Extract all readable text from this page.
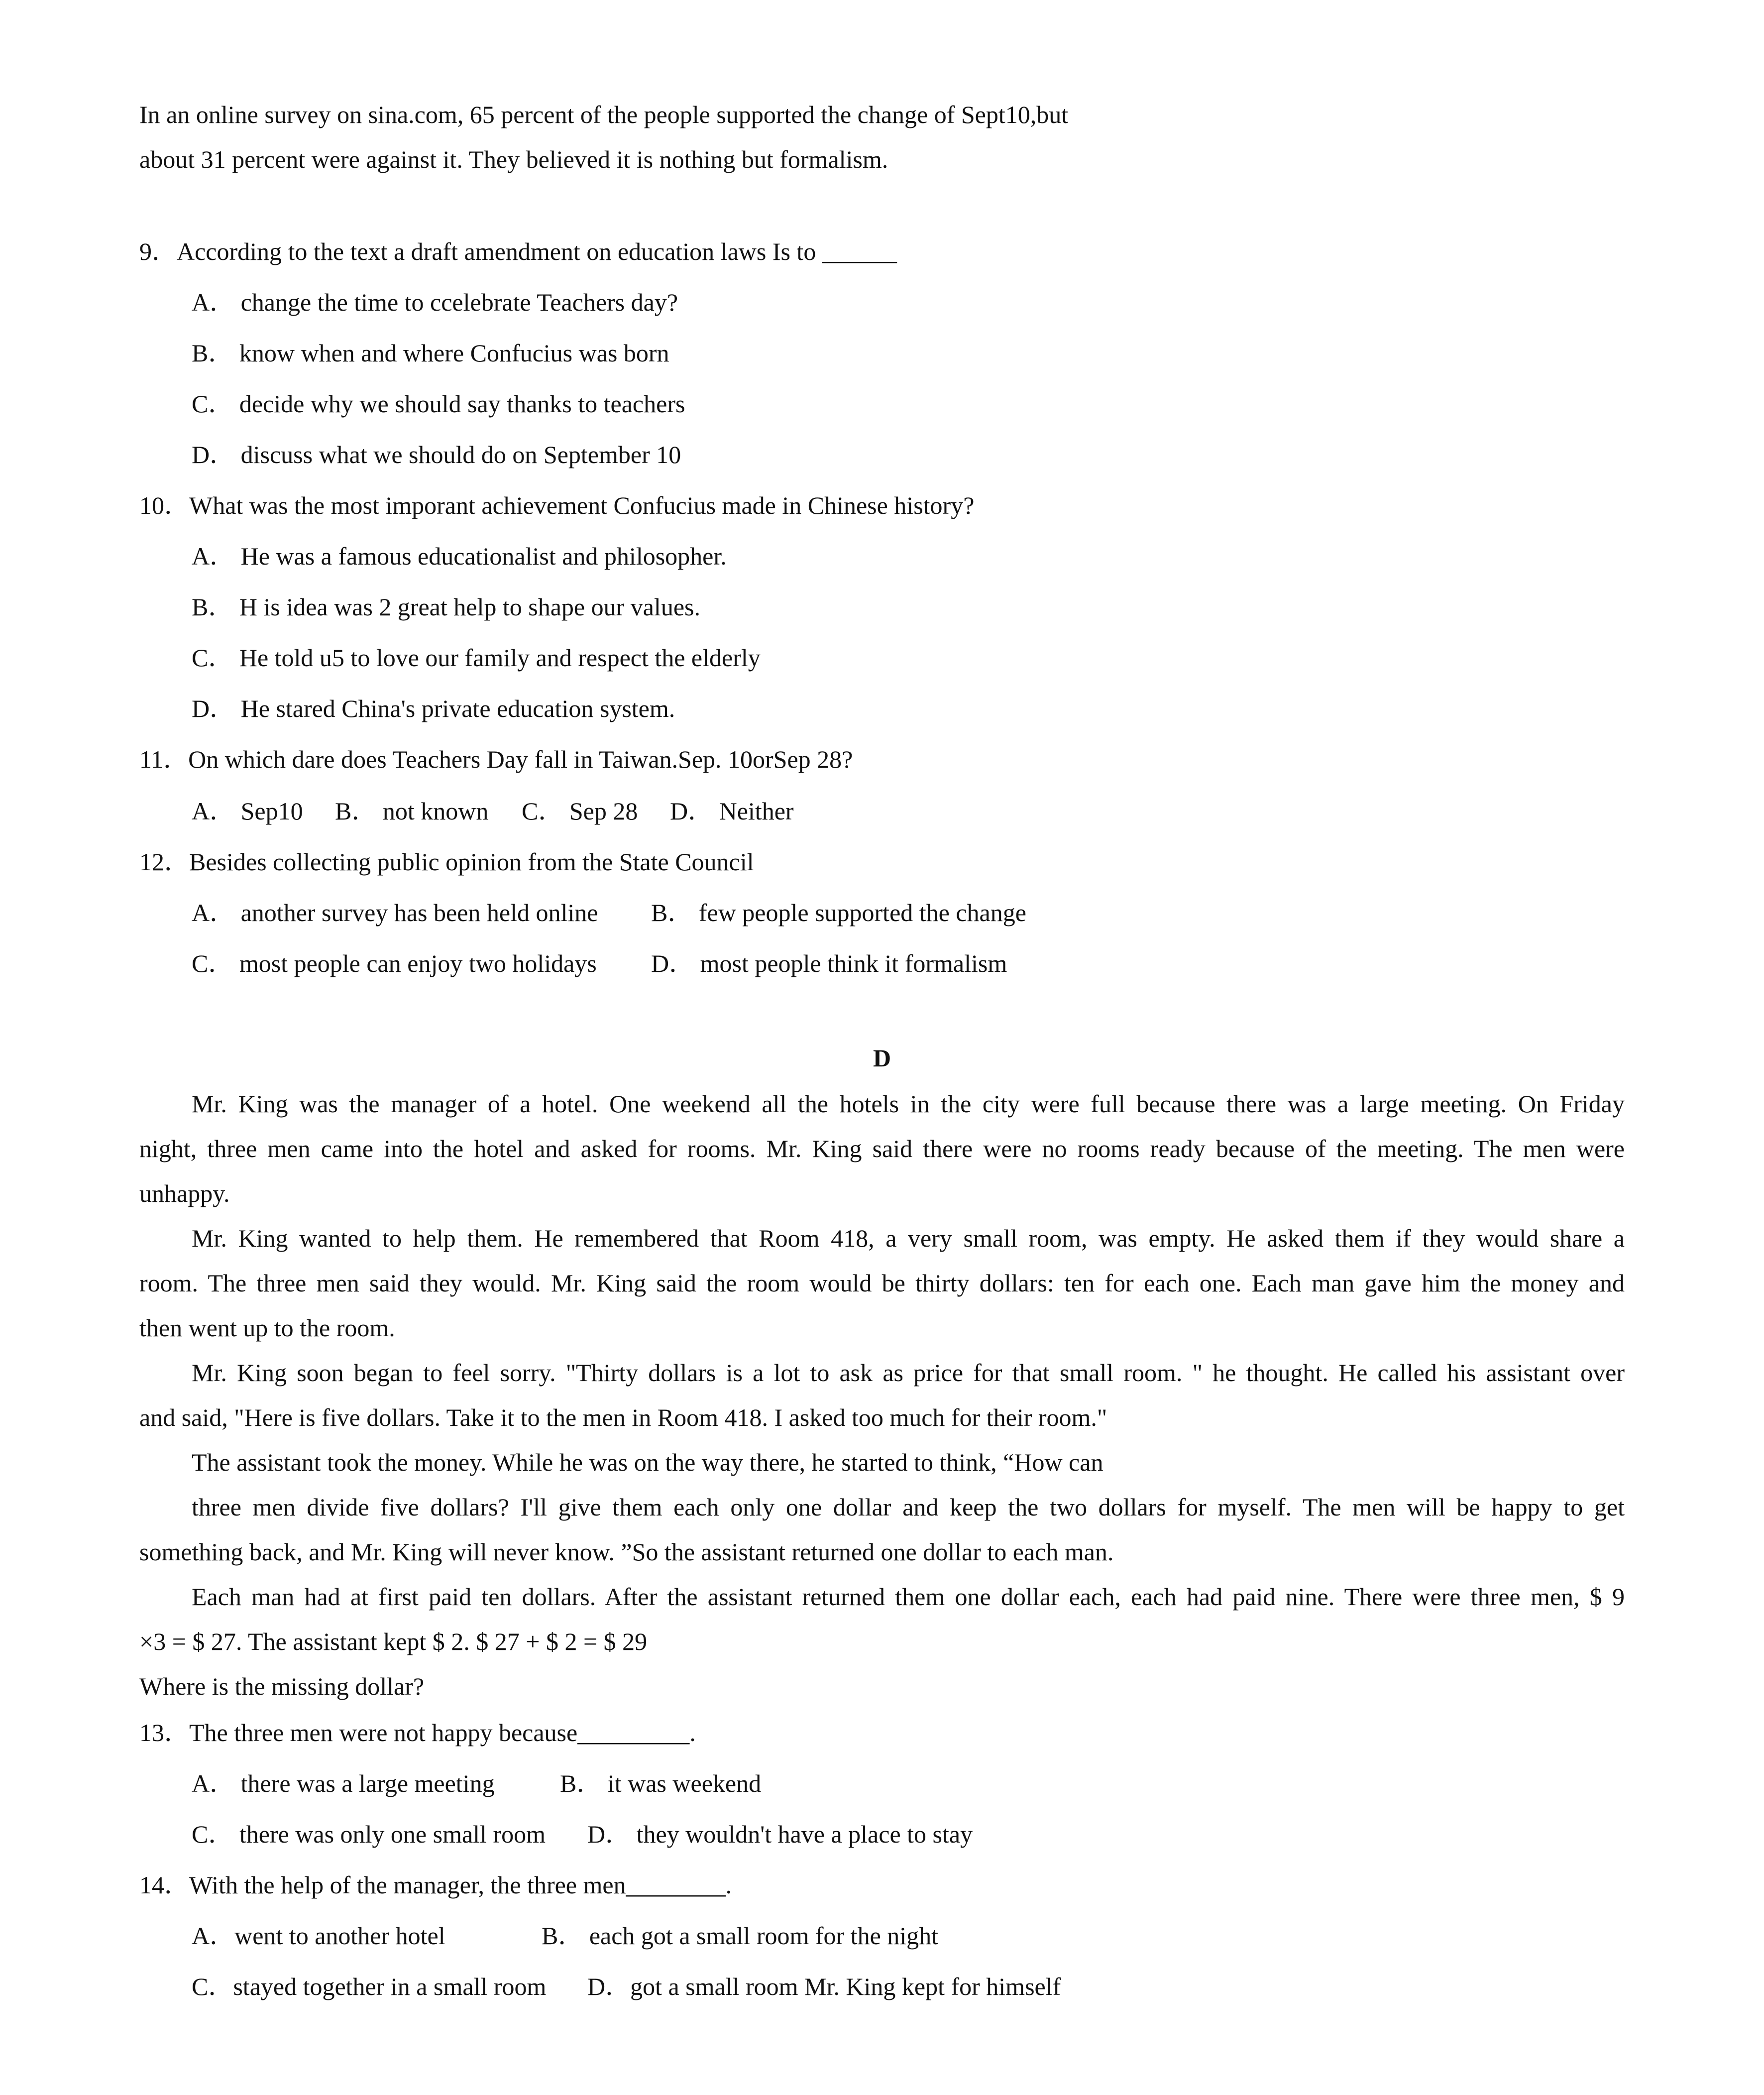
In an online survey on sina.com, 65 percent of the people supported the change of Sept10,but
about 31 percent were against it. They believed it is nothing but formalism.
9．According to the text a draft amendment on education laws Is to ______
A． change the time to ccelebrate Teachers day?
B． know when and where Confucius was born
C． decide why we should say thanks to teachers
D． discuss what we should do on September 10
10．What was the most imporant achievement Confucius made in Chinese history?
A． He was a famous educationalist and philosopher.
B． H is idea was 2 great help to shape our values.
C． He told u5 to love our family and respect the elderly
D． He stared China's private education system.
11．On which dare does Teachers Day fall in Taiwan.Sep. 10orSep 28?
A． Sep10 B． not known C． Sep 28 D． Neither
12．Besides collecting public opinion from the State Council
A． another survey has been held online B． few people supported the change
C． most people can enjoy two holidays D． most people think it formalism
D
Mr. King was the manager of a hotel. One weekend all the hotels in the city were full because there was a large meeting. On Friday
night, three men came into the hotel and asked for rooms. Mr. King said there were no rooms ready because of the meeting. The men were
unhappy.
Mr. King wanted to help them. He remembered that Room 418, a very small room, was empty. He asked them if they would share a
room. The three men said they would. Mr. King said the room would be thirty dollars: ten for each one. Each man gave him the money and
then went up to the room.
Mr. King soon began to feel sorry. "Thirty dollars is a lot to ask as price for that small room. " he thought. He called his assistant over
and said, "Here is five dollars. Take it to the men in Room 418. I asked too much for their room."
The assistant took the money. While he was on the way there, he started to think, “How can
three men divide five dollars? I'll give them each only one dollar and keep the two dollars for myself. The men will be happy to get
something back, and Mr. King will never know. ”So the assistant returned one dollar to each man.
Each man had at first paid ten dollars. After the assistant returned them one dollar each, each had paid nine. There were three men, $ 9
×3 = $ 27. The assistant kept $ 2. $ 27 + $ 2 = $ 29
Where is the missing dollar?
13．The three men were not happy because_________.
A． there was a large meeting	B． it was weekend
C． there was only one small room D． they wouldn't have a place to stay
14．With the help of the manager, the three men________.
A．went to another hotel	B． each got a small room for the night
C．stayed together in a small room D．got a small room Mr. King kept for himself
